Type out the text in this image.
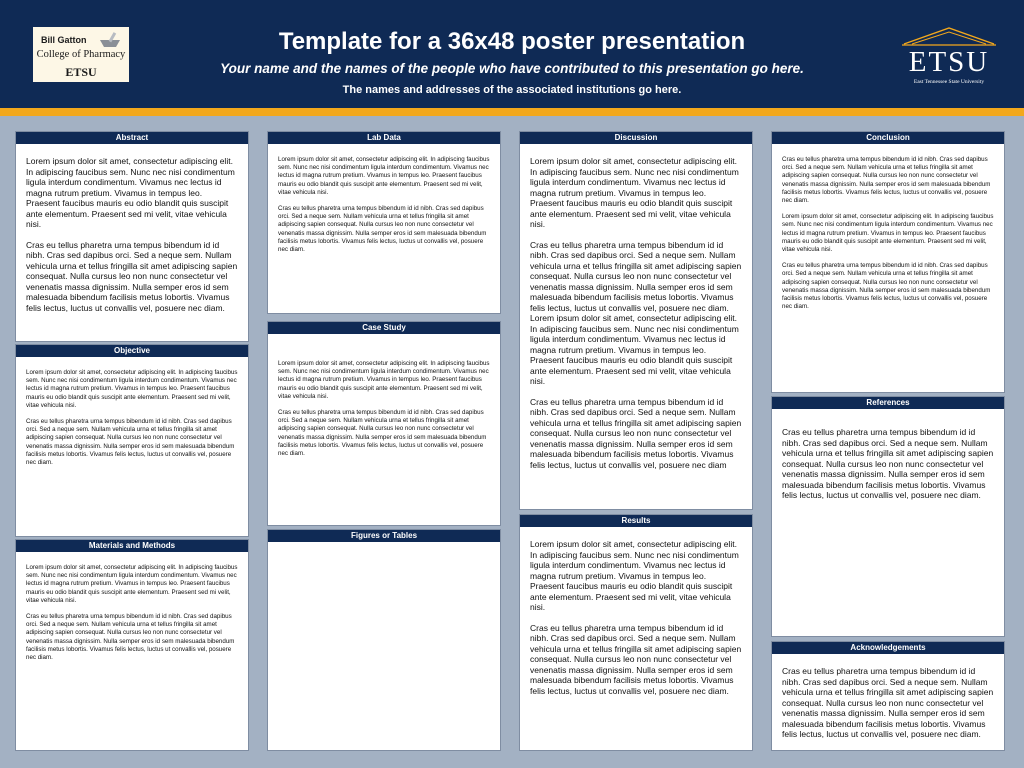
Bill Gatton
College of Pharmacy
ETSU
Template for a 36x48 poster presentation
Your name and the names of the people who have contributed to this presentation go here.
The names and addresses of the associated institutions go here.
ETSU
East Tennessee State University
Abstract

Lorem ipsum dolor sit amet, consectetur adipiscing elit. In adipiscing faucibus sem. Nunc nec nisi condimentum ligula interdum condimentum. Vivamus nec lectus id magna rutrum pretium. Vivamus in tempus leo. Praesent faucibus mauris eu odio blandit quis suscipit ante elementum. Praesent sed mi velit, vitae vehicula nisi.

Cras eu tellus pharetra urna tempus bibendum id id nibh. Cras sed dapibus orci. Sed a neque sem. Nullam vehicula urna et tellus fringilla sit amet adipiscing sapien consequat. Nulla cursus leo non nunc consectetur vel venenatis massa dignissim. Nulla semper eros id sem malesuada bibendum facilisis metus lobortis. Vivamus felis lectus, luctus ut convallis vel, posuere nec diam.

Objective

Lorem ipsum dolor sit amet, consectetur adipiscing elit. In adipiscing faucibus sem. Nunc nec nisi condimentum ligula interdum condimentum. Vivamus nec lectus id magna rutrum pretium. Vivamus in tempus leo. Praesent faucibus mauris eu odio blandit quis suscipit ante elementum. Praesent sed mi velit, vitae vehicula nisi.

Cras eu tellus pharetra urna tempus bibendum id id nibh. Cras sed dapibus orci. Sed a neque sem. Nullam vehicula urna et tellus fringilla sit amet adipiscing sapien consequat. Nulla cursus leo non nunc consectetur vel venenatis massa dignissim. Nulla semper eros id sem malesuada bibendum facilisis metus lobortis. Vivamus felis lectus, luctus ut convallis vel, posuere nec diam.

Materials and Methods

Lorem ipsum dolor sit amet, consectetur adipiscing elit. In adipiscing faucibus sem. Nunc nec nisi condimentum ligula interdum condimentum. Vivamus nec lectus id magna rutrum pretium. Vivamus in tempus leo. Praesent faucibus mauris eu odio blandit quis suscipit ante elementum. Praesent sed mi velit, vitae vehicula nisi.

Cras eu tellus pharetra urna tempus bibendum id id nibh. Cras sed dapibus orci. Sed a neque sem. Nullam vehicula urna et tellus fringilla sit amet adipiscing sapien consequat. Nulla cursus leo non nunc consectetur vel venenatis massa dignissim. Nulla semper eros id sem malesuada bibendum facilisis metus lobortis. Vivamus felis lectus, luctus ut convallis vel, posuere nec diam.

Lab Data

Lorem ipsum dolor sit amet, consectetur adipiscing elit. In adipiscing faucibus sem. Nunc nec nisi condimentum ligula interdum condimentum. Vivamus nec lectus id magna rutrum pretium. Vivamus in tempus leo. Praesent faucibus mauris eu odio blandit quis suscipit ante elementum. Praesent sed mi velit, vitae vehicula nisi.

Cras eu tellus pharetra urna tempus bibendum id id nibh. Cras sed dapibus orci. Sed a neque sem. Nullam vehicula urna et tellus fringilla sit amet adipiscing sapien consequat. Nulla cursus leo non nunc consectetur vel venenatis massa dignissim. Nulla semper eros id sem malesuada bibendum facilisis metus lobortis. Vivamus felis lectus, luctus ut convallis vel, posuere nec diam.

Case Study

Lorem ipsum dolor sit amet, consectetur adipiscing elit. In adipiscing faucibus sem. Nunc nec nisi condimentum ligula interdum condimentum. Vivamus nec lectus id magna rutrum pretium. Vivamus in tempus leo. Praesent faucibus mauris eu odio blandit quis suscipit ante elementum. Praesent sed mi velit, vitae vehicula nisi.

Cras eu tellus pharetra urna tempus bibendum id id nibh. Cras sed dapibus orci. Sed a neque sem. Nullam vehicula urna et tellus fringilla sit amet adipiscing sapien consequat. Nulla cursus leo non nunc consectetur vel venenatis massa dignissim. Nulla semper eros id sem malesuada bibendum facilisis metus lobortis. Vivamus felis lectus, luctus ut convallis vel, posuere nec diam.

Figures or Tables
Discussion

Lorem ipsum dolor sit amet, consectetur adipiscing elit. In adipiscing faucibus sem. Nunc nec nisi condimentum ligula interdum condimentum. Vivamus nec lectus id magna rutrum pretium. Vivamus in tempus leo. Praesent faucibus mauris eu odio blandit quis suscipit ante elementum. Praesent sed mi velit, vitae vehicula nisi.

Cras eu tellus pharetra urna tempus bibendum id id nibh. Cras sed dapibus orci. Sed a neque sem. Nullam vehicula urna et tellus fringilla sit amet adipiscing sapien consequat. Nulla cursus leo non nunc consectetur vel venenatis massa dignissim. Nulla semper eros id sem malesuada bibendum facilisis metus lobortis. Vivamus felis lectus, luctus ut convallis vel, posuere nec diam.
Lorem ipsum dolor sit amet, consectetur adipiscing elit. In adipiscing faucibus sem. Nunc nec nisi condimentum ligula interdum condimentum. Vivamus nec lectus id magna rutrum pretium. Vivamus in tempus leo. Praesent faucibus mauris eu odio blandit quis suscipit ante elementum. Praesent sed mi velit, vitae vehicula nisi.

Cras eu tellus pharetra urna tempus bibendum id id nibh. Cras sed dapibus orci. Sed a neque sem. Nullam vehicula urna et tellus fringilla sit amet adipiscing sapien consequat. Nulla cursus leo non nunc consectetur vel venenatis massa dignissim. Nulla semper eros id sem malesuada bibendum facilisis metus lobortis. Vivamus felis lectus, luctus ut convallis vel, posuere nec diam

Results

Lorem ipsum dolor sit amet, consectetur adipiscing elit. In adipiscing faucibus sem. Nunc nec nisi condimentum ligula interdum condimentum. Vivamus nec lectus id magna rutrum pretium. Vivamus in tempus leo. Praesent faucibus mauris eu odio blandit quis suscipit ante elementum. Praesent sed mi velit, vitae vehicula nisi.

Cras eu tellus pharetra urna tempus bibendum id id nibh. Cras sed dapibus orci. Sed a neque sem. Nullam vehicula urna et tellus fringilla sit amet adipiscing sapien consequat. Nulla cursus leo non nunc consectetur vel venenatis massa dignissim. Nulla semper eros id sem malesuada bibendum facilisis metus lobortis. Vivamus felis lectus, luctus ut convallis vel, posuere nec diam.

Conclusion

Cras eu tellus pharetra urna tempus bibendum id id nibh. Cras sed dapibus orci. Sed a neque sem. Nullam vehicula urna et tellus fringilla sit amet adipiscing sapien consequat. Nulla cursus leo non nunc consectetur vel venenatis massa dignissim. Nulla semper eros id sem malesuada bibendum facilisis metus lobortis. Vivamus felis lectus, luctus ut convallis vel, posuere nec diam.

Lorem ipsum dolor sit amet, consectetur adipiscing elit. In adipiscing faucibus sem. Nunc nec nisi condimentum ligula interdum condimentum. Vivamus nec lectus id magna rutrum pretium. Vivamus in tempus leo. Praesent faucibus mauris eu odio blandit quis suscipit ante elementum. Praesent sed mi velit, vitae vehicula nisi.

Cras eu tellus pharetra urna tempus bibendum id id nibh. Cras sed dapibus orci. Sed a neque sem. Nullam vehicula urna et tellus fringilla sit amet adipiscing sapien consequat. Nulla cursus leo non nunc consectetur vel venenatis massa dignissim. Nulla semper eros id sem malesuada bibendum facilisis metus lobortis. Vivamus felis lectus, luctus ut convallis vel, posuere nec diam.

References

Cras eu tellus pharetra urna tempus bibendum id id nibh. Cras sed dapibus orci. Sed a neque sem. Nullam vehicula urna et tellus fringilla sit amet adipiscing sapien consequat. Nulla cursus leo non nunc consectetur vel venenatis massa dignissim. Nulla semper eros id sem malesuada bibendum facilisis metus lobortis. Vivamus felis lectus, luctus ut convallis vel, posuere nec diam.

Acknowledgements

Cras eu tellus pharetra urna tempus bibendum id id nibh. Cras sed dapibus orci. Sed a neque sem. Nullam vehicula urna et tellus fringilla sit amet adipiscing sapien consequat. Nulla cursus leo non nunc consectetur vel venenatis massa dignissim. Nulla semper eros id sem malesuada bibendum facilisis metus lobortis. Vivamus felis lectus, luctus ut convallis vel, posuere nec diam.
